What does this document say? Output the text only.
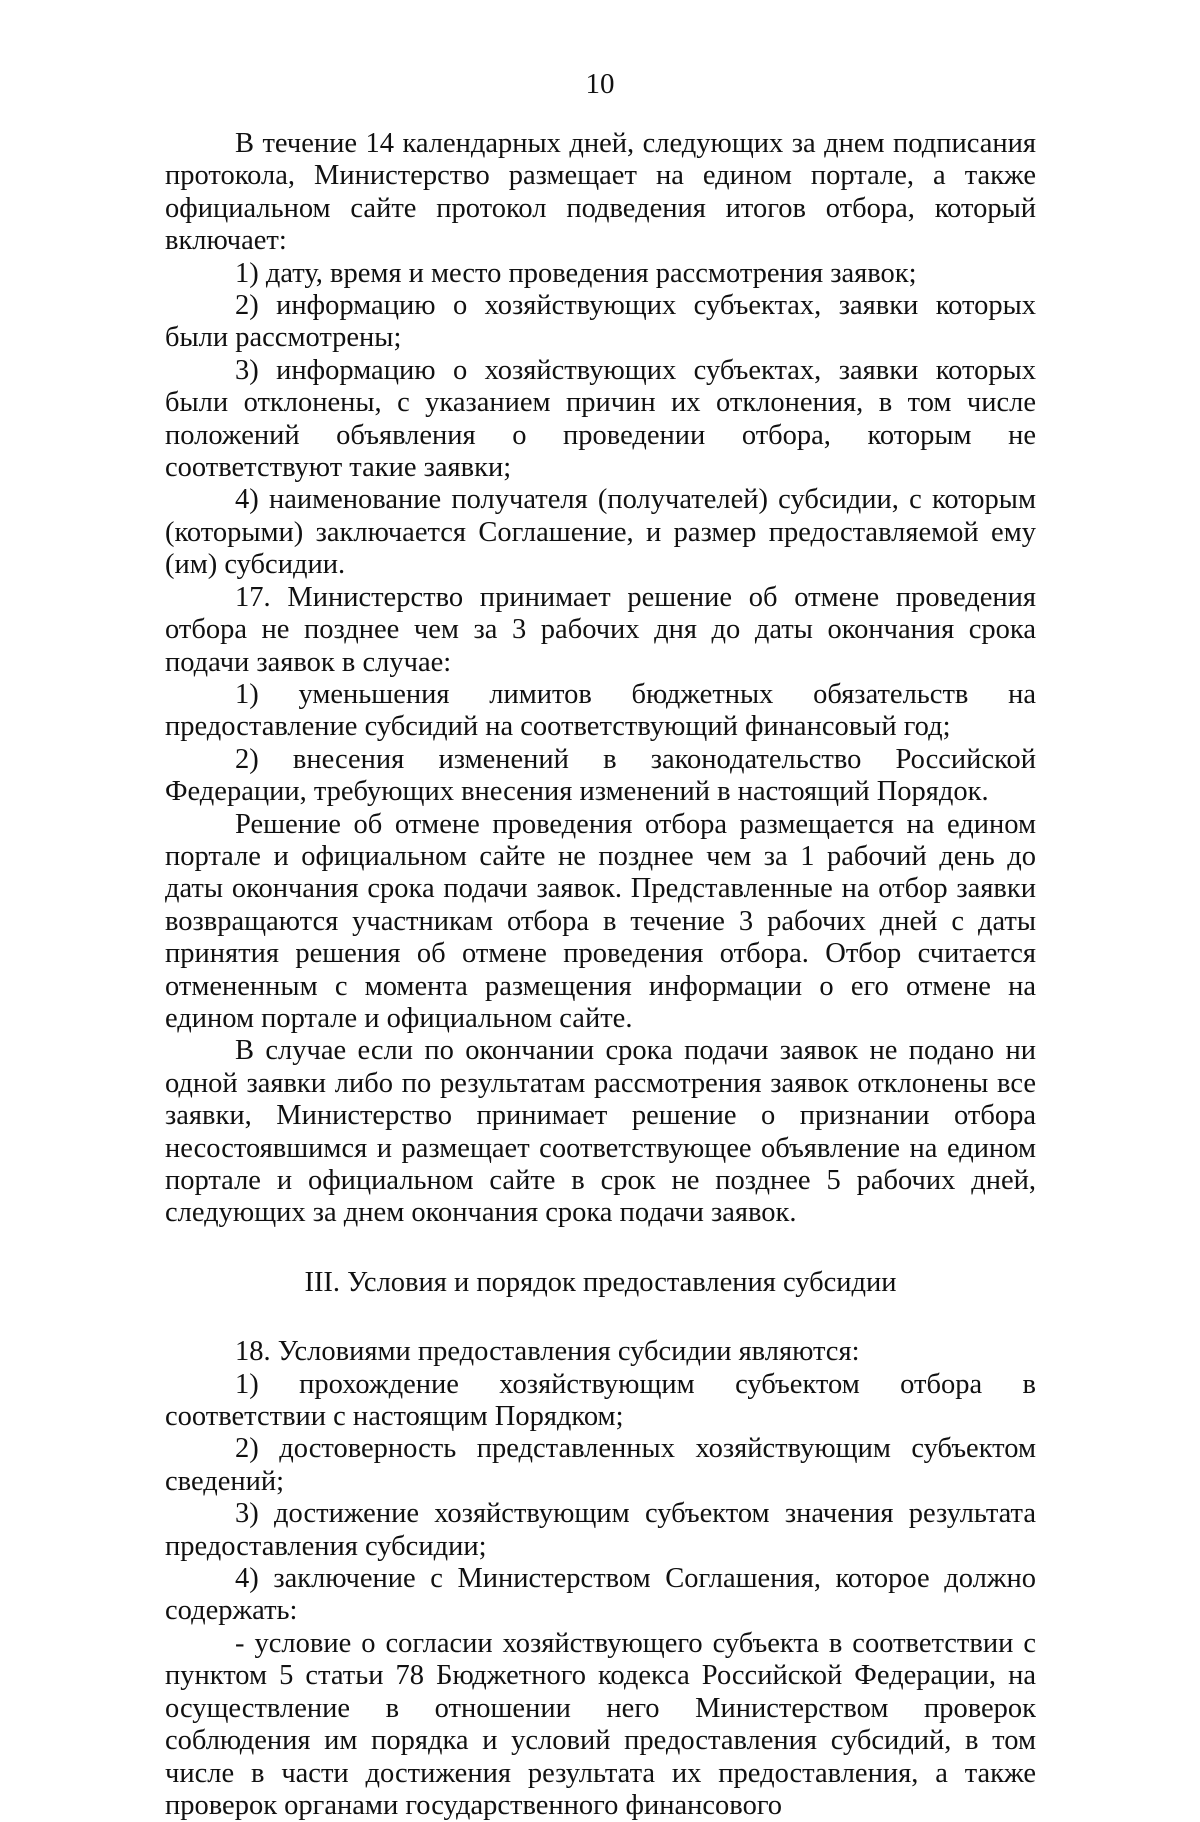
10

В течение 14 календарных дней, следующих за днем подписания протокола, Министерство размещает на едином портале, а также официальном сайте протокол подведения итогов отбора, который включает:

1) дату, время и место проведения рассмотрения заявок;

2) информацию о хозяйствующих субъектах, заявки которых были рассмотрены;

3) информацию о хозяйствующих субъектах, заявки которых были отклонены, с указанием причин их отклонения, в том числе положений объявления о проведении отбора, которым не соответствуют такие заявки;

4) наименование получателя (получателей) субсидии, с которым (которыми) заключается Соглашение, и размер предоставляемой ему (им) субсидии.

17. Министерство принимает решение об отмене проведения отбора не позднее чем за 3 рабочих дня до даты окончания срока подачи заявок в случае:

1) уменьшения лимитов бюджетных обязательств на предоставление субсидий на соответствующий финансовый год;

2) внесения изменений в законодательство Российской Федерации, требующих внесения изменений в настоящий Порядок.

Решение об отмене проведения отбора размещается на едином портале и официальном сайте не позднее чем за 1 рабочий день до даты окончания срока подачи заявок. Представленные на отбор заявки возвращаются участникам отбора в течение 3 рабочих дней с даты принятия решения об отмене проведения отбора. Отбор считается отмененным с момента размещения информации о его отмене на едином портале и официальном сайте.

В случае если по окончании срока подачи заявок не подано ни одной заявки либо по результатам рассмотрения заявок отклонены все заявки, Министерство принимает решение о признании отбора несостоявшимся и размещает соответствующее объявление на едином портале и официальном сайте в срок не позднее 5 рабочих дней, следующих за днем окончания срока подачи заявок.

III. Условия и порядок предоставления субсидии

18. Условиями предоставления субсидии являются:

1) прохождение хозяйствующим субъектом отбора в соответствии с настоящим Порядком;

2) достоверность представленных хозяйствующим субъектом сведений;

3) достижение хозяйствующим субъектом значения результата предоставления субсидии;

4) заключение с Министерством Соглашения, которое должно содержать:

- условие о согласии хозяйствующего субъекта в соответствии с пунктом 5 статьи 78 Бюджетного кодекса Российской Федерации, на осуществление в отношении него Министерством проверок соблюдения им порядка и условий предоставления субсидий, в том числе в части достижения результата их предоставления, а также проверок органами государственного финансового
